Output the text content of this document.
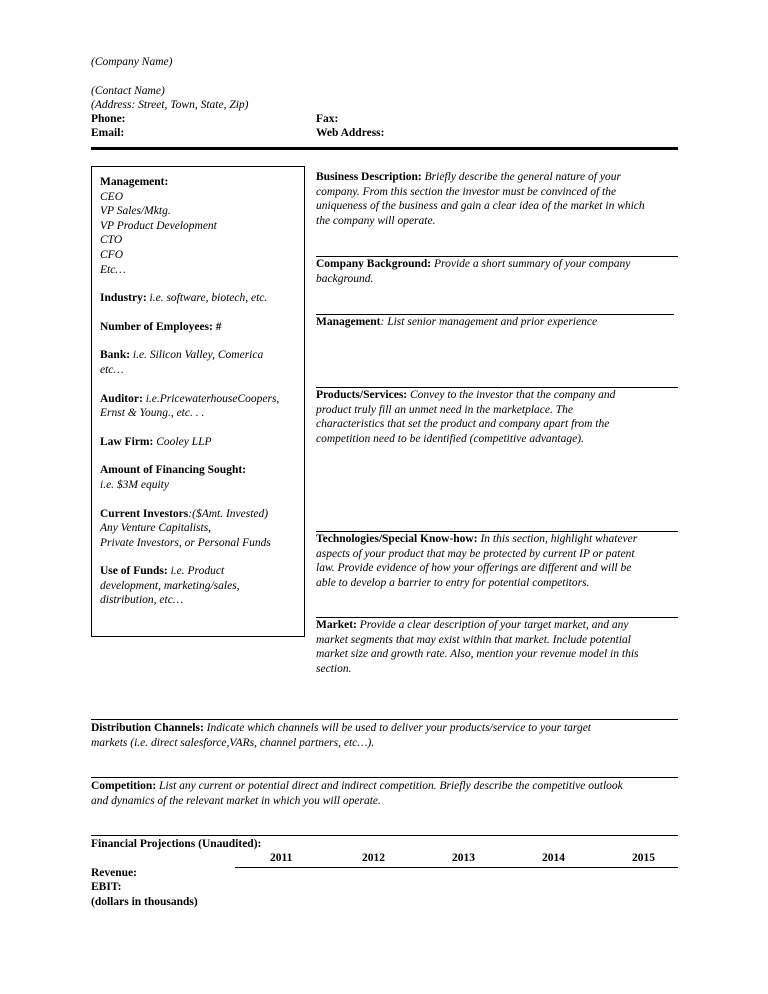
(Company Name)
(Contact Name)
(Address: Street, Town, State, Zip)
Phone:
Email:
Fax:
Web Address:
Management:
CEO
VP Sales/Mktg.
VP Product Development
CTO
CFO
Etc…
Industry: i.e. software, biotech, etc.
Number of Employees: #
Bank: i.e. Silicon Valley, Comerica
etc…
Auditor: i.e.PricewaterhouseCoopers,
Ernst & Young., etc. . .
Law Firm: Cooley LLP
Amount of Financing Sought:
i.e. $3M equity
Current Investors:($Amt. Invested)
Any Venture Capitalists,
Private Investors, or Personal Funds
Use of Funds: i.e. Product
development, marketing/sales,
distribution, etc…
Business Description: Briefly describe the general nature of your
company. From this section the investor must be convinced of the
uniqueness of the business and gain a clear idea of the market in which
the company will operate.
Company Background: Provide a short summary of your company
background.
Management: List senior management and prior experience
Products/Services: Convey to the investor that the company and
product truly fill an unmet need in the marketplace. The
characteristics that set the product and company apart from the
competition need to be identified (competitive advantage).
Technologies/Special Know-how: In this section, highlight whatever
aspects of your product that may be protected by current IP or patent
law. Provide evidence of how your offerings are different and will be
able to develop a barrier to entry for potential competitors.
Market: Provide a clear description of your target market, and any
market segments that may exist within that market. Include potential
market size and growth rate. Also, mention your revenue model in this
section.
Distribution Channels: Indicate which channels will be used to deliver your products/service to your target
markets (i.e. direct salesforce,VARs, channel partners, etc…).
Competition: List any current or potential direct and indirect competition. Briefly describe the competitive outlook
and dynamics of the relevant market in which you will operate.
Financial Projections (Unaudited):
2011	2012	2013	2014	2015
Revenue:
EBIT:
(dollars in thousands)
